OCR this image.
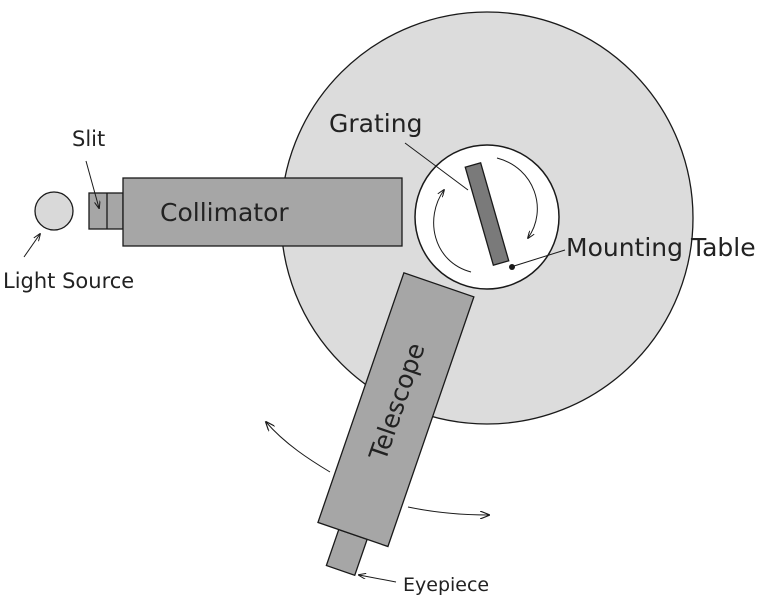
Telescope
Slit
Light Source
Collimator
Grating
Mounting Table
Eyepiece
